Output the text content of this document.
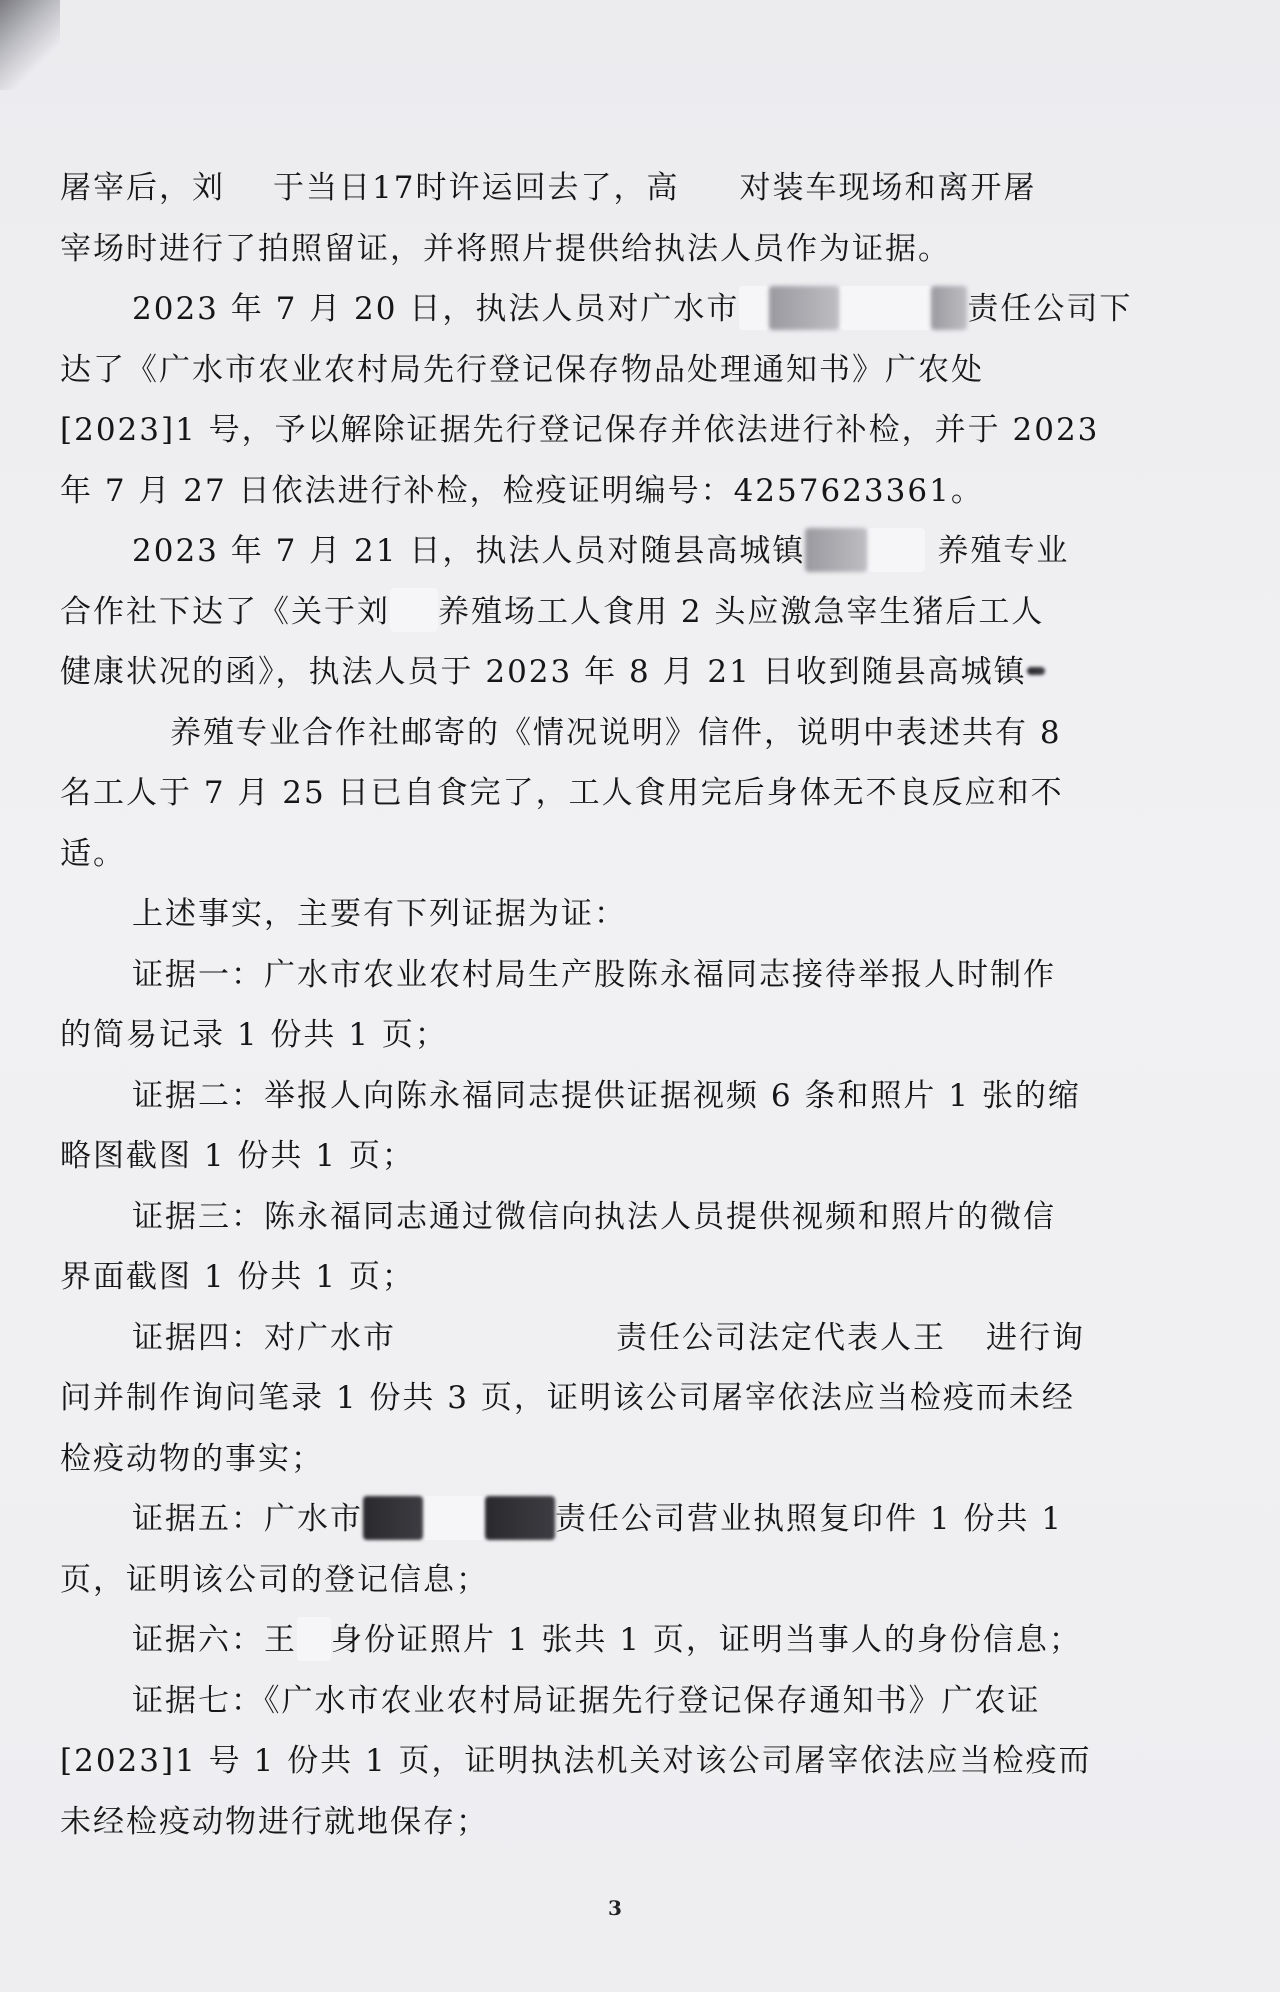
屠宰后，刘 于当日17时许运回去了，高 对装车现场和离开屠
宰场时进行了拍照留证，并将照片提供给执法人员作为证据。
2023 年 7 月 20 日，执法人员对广水市	责任公司下
达了《广水市农业农村局先行登记保存物品处理通知书》广农处
[2023]1 号，予以解除证据先行登记保存并依法进行补检，并于 2023
年 7 月 27 日依法进行补检，检疫证明编号：4257623361。
2023 年 7 月 21 日，执法人员对随县高城镇	养殖专业
合作社下达了《关于刘 养殖场工人食用 2 头应激急宰生猪后工人
健康状况的函》，执法人员于 2023 年 8 月 21 日收到随县高城镇
养殖专业合作社邮寄的《情况说明》信件，说明中表述共有 8
名工人于 7 月 25 日已自食完了，工人食用完后身体无不良反应和不
适。
上述事实，主要有下列证据为证：
证据一：广水市农业农村局生产股陈永福同志接待举报人时制作
的简易记录 1 份共 1 页；
证据二：举报人向陈永福同志提供证据视频 6 条和照片 1 张的缩
略图截图 1 份共 1 页；
证据三：陈永福同志通过微信向执法人员提供视频和照片的微信
界面截图 1 份共 1 页；
证据四：对广水市	责任公司法定代表人王 进行询
问并制作询问笔录 1 份共 3 页，证明该公司屠宰依法应当检疫而未经
检疫动物的事实；
证据五：广水市	责任公司营业执照复印件 1 份共 1
页，证明该公司的登记信息；
证据六：王 身份证照片 1 张共 1 页，证明当事人的身份信息；
证据七：《广水市农业农村局证据先行登记保存通知书》广农证
[2023]1 号 1 份共 1 页，证明执法机关对该公司屠宰依法应当检疫而
未经检疫动物进行就地保存；
3
